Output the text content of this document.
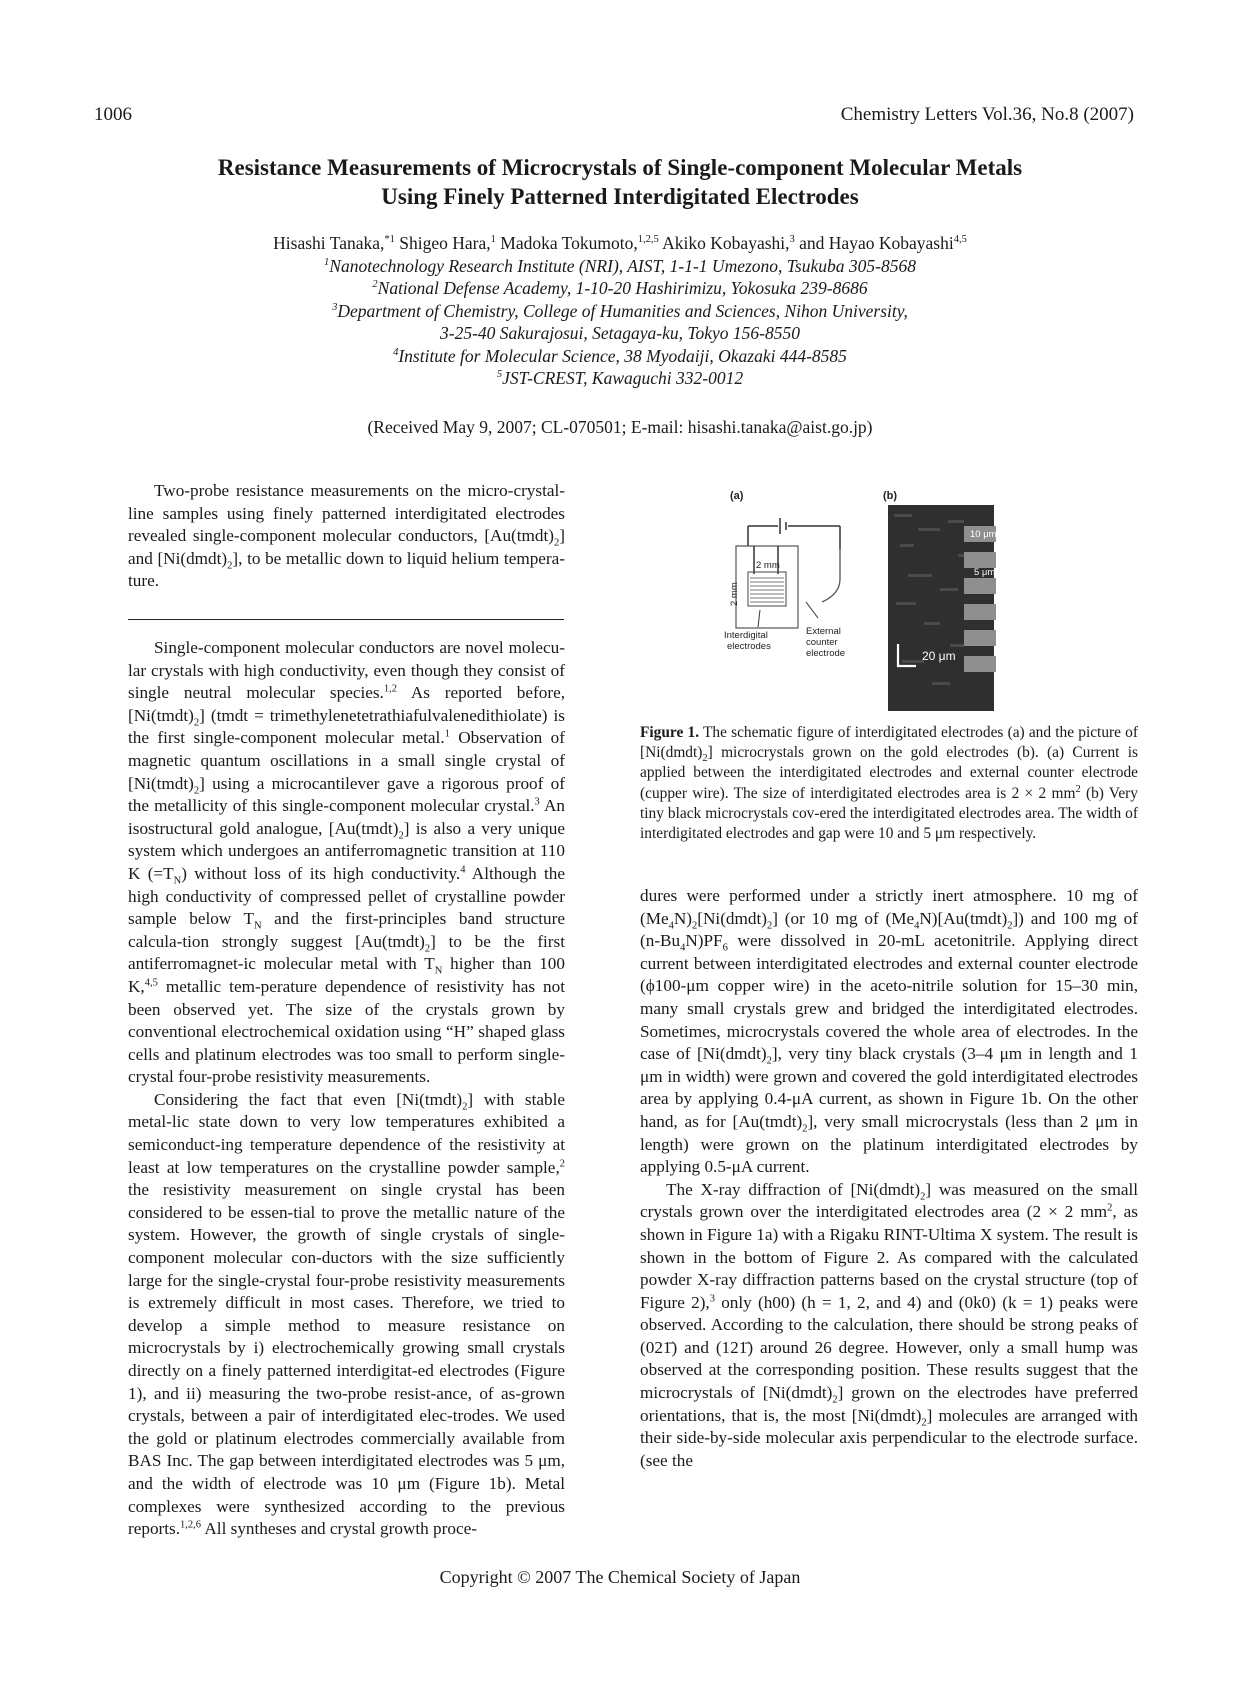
1006	Chemistry Letters Vol.36, No.8 (2007)
Resistance Measurements of Microcrystals of Single-component Molecular Metals
Using Finely Patterned Interdigitated Electrodes
Hisashi Tanaka,$^{*1}$ Shigeo Hara,$^1$ Madoka Tokumoto,$^{1,2,5}$ Akiko Kobayashi,$^3$ and Hayao Kobayashi$^{4,5}$
$^1$Nanotechnology Research Institute (NRI), AIST, 1-1-1 Umezono, Tsukuba 305-8568
$^2$National Defense Academy, 1-10-20 Hashirimizu, Yokosuka 239-8686
$^3$Department of Chemistry, College of Humanities and Sciences, Nihon University,
3-25-40 Sakurajosui, Setagaya-ku, Tokyo 156-8550
$^4$Institute for Molecular Science, 38 Myodaiji, Okazaki 444-8585
$^5$JST-CREST, Kawaguchi 332-0012
(Received May 9, 2007; CL-070501; E-mail: hisashi.tanaka@aist.go.jp)

Two-probe resistance measurements on the micro-crystal-line samples using finely patterned interdigitated electrodes revealed single-component molecular conductors, $[Au(tmdt)_2]$ and $[Ni(dmdt)_2]$, to be metallic down to liquid helium tempera-ture.

Single-component molecular conductors are novel molecu-lar crystals with high conductivity, even though they consist of single neutral molecular species.$^{1,2}$ As reported before, $[Ni(tmdt)_2]$ (tmdt = trimethylenetetrathiafulvalenedithiolate) is the first single-component molecular metal.$^1$ Observation of magnetic quantum oscillations in a small single crystal of $[Ni(tmdt)_2]$ using a microcantilever gave a rigorous proof of the metallicity of this single-component molecular crystal.$^3$ An isostructural gold analogue, $[Au(tmdt)_2]$ is also a very unique system which undergoes an antiferromagnetic transition at 110 K $(=T_N)$ without loss of its high conductivity.$^4$ Although the high conductivity of compressed pellet of crystalline powder sample below $T_N$ and the first-principles band structure calcula-tion strongly suggest $[Au(tmdt)_2]$ to be the first antiferromagnet-ic molecular metal with $T_N$ higher than 100 K,$^{4,5}$ metallic tem-perature dependence of resistivity has not been observed yet. The size of the crystals grown by conventional electrochemical oxidation using “H” shaped glass cells and platinum electrodes was too small to perform single-crystal four-probe resistivity measurements.

Considering the fact that even $[Ni(tmdt)_2]$ with stable metal-lic state down to very low temperatures exhibited a semiconduct-ing temperature dependence of the resistivity at least at low temperatures on the crystalline powder sample,$^2$ the resistivity measurement on single crystal has been considered to be essen-tial to prove the metallic nature of the system. However, the growth of single crystals of single-component molecular con-ductors with the size sufficiently large for the single-crystal four-probe resistivity measurements is extremely difficult in most cases. Therefore, we tried to develop a simple method to measure resistance on microcrystals by i) electrochemically growing small crystals directly on a finely patterned interdigitat-ed electrodes (Figure 1), and ii) measuring the two-probe resist-ance, of as-grown crystals, between a pair of interdigitated elec-trodes. We used the gold or platinum electrodes commercially available from BAS Inc. The gap between interdigitated electrodes was 5 μm, and the width of electrode was 10 μm (Figure 1b). Metal complexes were synthesized according to the previous reports.$^{1,2,6}$ All syntheses and crystal growth proce-

(a)	(b)
2 mm
2 mm
External
counter
electrode
Interdigital
electrodes
10 μm
5 μm
20 μm
Figure 1. The schematic figure of interdigitated electrodes (a) and the picture of $[Ni(dmdt)_2]$ microcrystals grown on the gold electrodes (b). (a) Current is applied between the interdigitated electrodes and external counter electrode (cupper wire). The size of interdigitated electrodes area is 2 × 2 $mm^2$ (b) Very tiny black microcrystals cov-ered the interdigitated electrodes area. The width of interdigitated electrodes and gap were 10 and 5 μm respectively.

dures were performed under a strictly inert atmosphere. 10 mg of $(Me_4N)_2[Ni(dmdt)_2]$ (or 10 mg of $(Me_4N)[Au(tmdt)_2]$) and 100 mg of $(n-Bu_4N)PF_6$ were dissolved in 20-mL acetonitrile. Applying direct current between interdigitated electrodes and external counter electrode (ϕ100-μm copper wire) in the aceto-nitrile solution for 15–30 min, many small crystals grew and bridged the interdigitated electrodes. Sometimes, microcrystals covered the whole area of electrodes. In the case of $[Ni(dmdt)_2]$, very tiny black crystals (3–4 μm in length and 1 μm in width) were grown and covered the gold interdigitated electrodes area by applying 0.4-μA current, as shown in Figure 1b. On the other hand, as for $[Au(tmdt)_2]$, very small microcrystals (less than 2 μm in length) were grown on the platinum interdigitated electrodes by applying 0.5-μA current.

The X-ray diffraction of $[Ni(dmdt)_2]$ was measured on the small crystals grown over the interdigitated electrodes area (2 × 2 $mm^2$, as shown in Figure 1a) with a Rigaku RINT-Ultima X system. The result is shown in the bottom of Figure 2. As compared with the calculated powder X-ray diffraction patterns based on the crystal structure (top of Figure 2),$^3$ only (h00) (h = 1, 2, and 4) and (0k0) (k = 1) peaks were observed. According to the calculation, there should be strong peaks of (021̄) and (121̄) around 26 degree. However, only a small hump was observed at the corresponding position. These results suggest that the microcrystals of $[Ni(dmdt)_2]$ grown on the electrodes have preferred orientations, that is, the most $[Ni(dmdt)_2]$ molecules are arranged with their side-by-side molecular axis perpendicular to the electrode surface. (see the

Copyright © 2007 The Chemical Society of Japan
